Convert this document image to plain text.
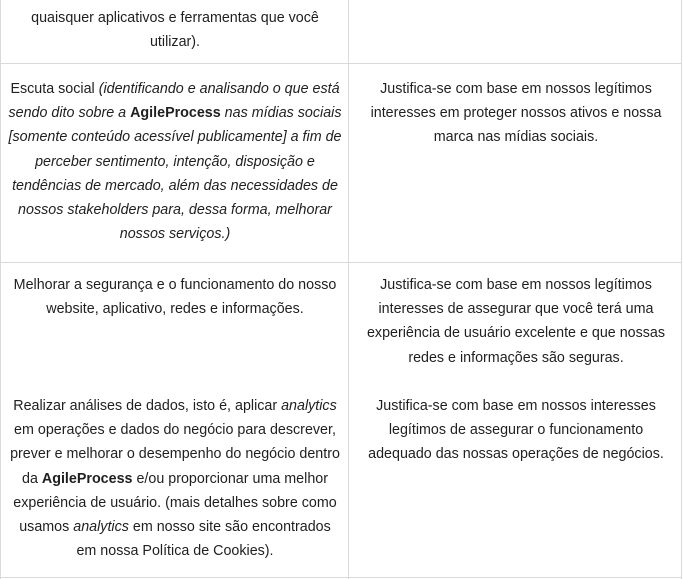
quaisquer aplicativos e ferramentas que você
utilizar).

Escuta social (identificando e analisando o que está sendo dito sobre a AgileProcess nas mídias sociais [somente conteúdo acessível publicamente] a fim de perceber sentimento, intenção, disposição e tendências de mercado, além das necessidades de nossos stakeholders para, dessa forma, melhorar nossos serviços.)

Justifica-se com base em nossos legítimos interesses em proteger nossos ativos e nossa marca nas mídias sociais.

Melhorar a segurança e o funcionamento do nosso website, aplicativo, redes e informações.

Justifica-se com base em nossos legítimos interesses de assegurar que você terá uma experiência de usuário excelente e que nossas redes e informações são seguras.

Realizar análises de dados, isto é, aplicar analytics em operações e dados do negócio para descrever, prever e melhorar o desempenho do negócio dentro da AgileProcess e/ou proporcionar uma melhor experiência de usuário. (mais detalhes sobre como usamos analytics em nosso site são encontrados em nossa Política de Cookies).

Justifica-se com base em nossos interesses legítimos de assegurar o funcionamento adequado das nossas operações de negócios.
